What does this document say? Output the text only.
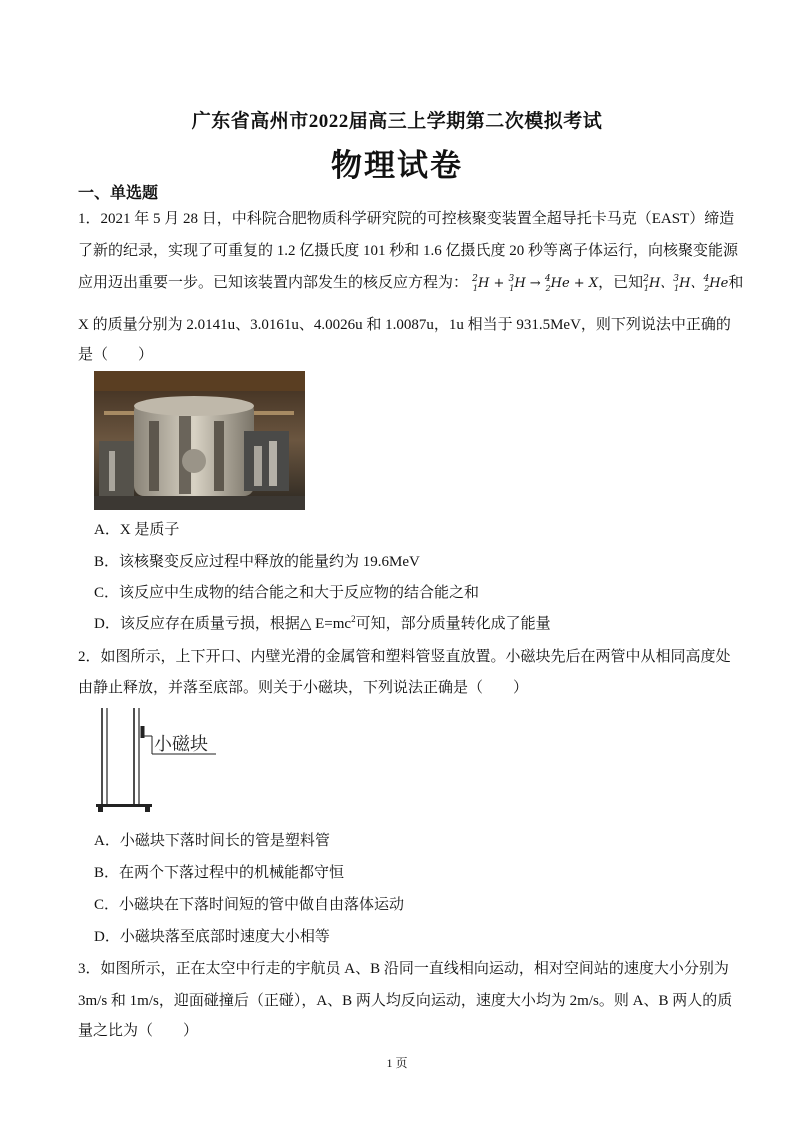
广东省高州市2022届高三上学期第二次模拟考试
物理试卷
一、单选题
1．2021 年 5 月 28 日，中科院合肥物质科学研究院的可控核聚变装置全超导托卡马克（EAST）缔造
了新的纪录，实现了可重复的 1.2 亿摄氏度 101 秒和 1.6 亿摄氏度 20 秒等离子体运行，向核聚变能源
应用迈出重要一步。已知该装置内部发生的核反应方程为： $^2_1$H + $^3_1$H → $^4_2$He + X，已知$^2_1$H、$^3_1$H、$^4_2$He和
X 的质量分别为 2.0141u、3.0161u、4.0026u 和 1.0087u，1u 相当于 931.5MeV，则下列说法中正确的
是（　　）
A．X 是质子
B．该核聚变反应过程中释放的能量约为 19.6MeV
C．该反应中生成物的结合能之和大于反应物的结合能之和
D．该反应存在质量亏损，根据△ $E=mc^2$可知，部分质量转化成了能量
2．如图所示，上下开口、内壁光滑的金属管和塑料管竖直放置。小磁块先后在两管中从相同高度处
由静止释放，并落至底部。则关于小磁块，下列说法正确是（　　）
小磁块
A．小磁块下落时间长的管是塑料管
B．在两个下落过程中的机械能都守恒
C．小磁块在下落时间短的管中做自由落体运动
D．小磁块落至底部时速度大小相等
3．如图所示，正在太空中行走的宇航员 A、B 沿同一直线相向运动，相对空间站的速度大小分别为
3m/s 和 1m/s，迎面碰撞后（正碰），A、B 两人均反向运动，速度大小均为 2m/s。则 A、B 两人的质
量之比为（　　）
1 页
